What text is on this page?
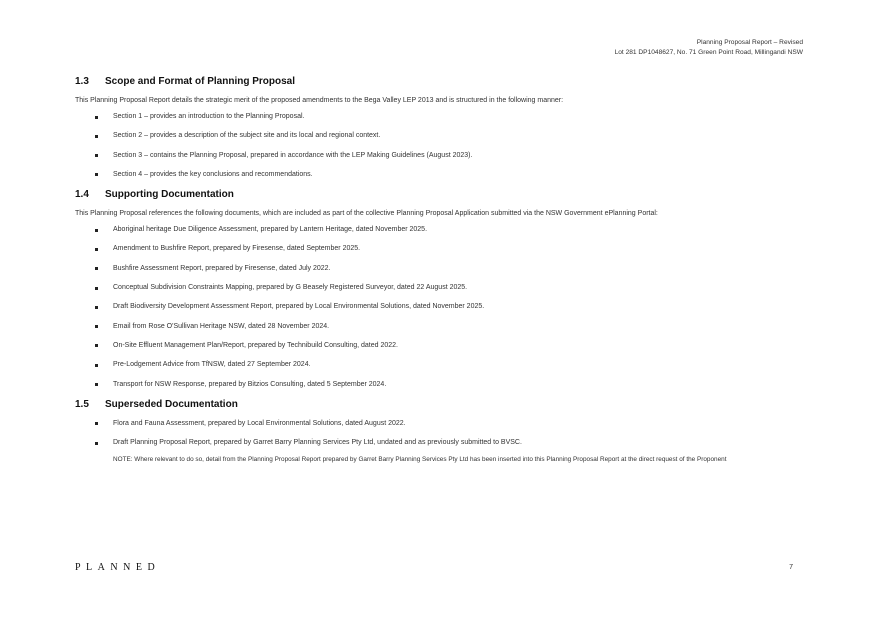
Planning Proposal Report – Revised
Lot 281 DP1048627, No. 71 Green Point Road, Millingandi NSW
1.3	Scope and Format of Planning Proposal

This Planning Proposal Report details the strategic merit of the proposed amendments to the Bega Valley LEP 2013 and is structured in the following manner:

Section 1 – provides an introduction to the Planning Proposal.
Section 2 – provides a description of the subject site and its local and regional context.
Section 3 – contains the Planning Proposal, prepared in accordance with the LEP Making Guidelines (August 2023).
Section 4 – provides the key conclusions and recommendations.
1.4	Supporting Documentation

This Planning Proposal references the following documents, which are included as part of the collective Planning Proposal Application submitted via the NSW Government ePlanning Portal:

Aboriginal heritage Due Diligence Assessment, prepared by Lantern Heritage, dated November 2025.
Amendment to Bushfire Report, prepared by Firesense, dated September 2025.
Bushfire Assessment Report, prepared by Firesense, dated July 2022.
Conceptual Subdivision Constraints Mapping, prepared by G Beasely Registered Surveyor, dated 22 August 2025.
Draft Biodiversity Development Assessment Report, prepared by Local Environmental Solutions, dated November 2025.
Email from Rose O'Sullivan Heritage NSW, dated 28 November 2024.
On-Site Effluent Management Plan/Report, prepared by Technibuild Consulting, dated 2022.
Pre-Lodgement Advice from TfNSW, dated 27 September 2024.
Transport for NSW Response, prepared by Bitzios Consulting, dated 5 September 2024.
1.5	Superseded Documentation
Flora and Fauna Assessment, prepared by Local Environmental Solutions, dated August 2022.
Draft Planning Proposal Report, prepared by Garret Barry Planning Services Pty Ltd, undated and as previously submitted to BVSC.

NOTE: Where relevant to do so, detail from the Planning Proposal Report prepared by Garret Barry Planning Services Pty Ltd has been inserted into this Planning Proposal Report at the direct request of the Proponent

PLANNED	7
